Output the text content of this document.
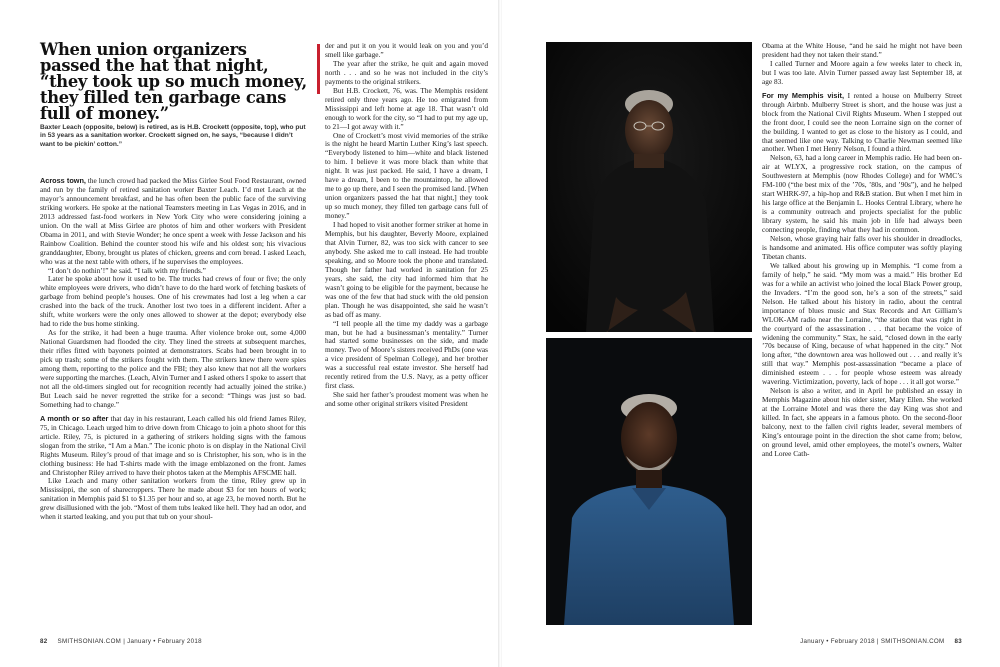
When union organizers passed the hat that night, “they took up so much money, they filled ten garbage cans full of money.”
Baxter Leach (opposite, below) is retired, as is H.B. Crockett (opposite, top), who put in 53 years as a sanitation worker. Crockett signed on, he says, “because I didn’t want to be pickin’ cotton.”

Across town, the lunch crowd had packed the Miss Girlee Soul Food Restaurant, owned and run by the family of retired sanitation worker Baxter Leach. I’d met Leach at the mayor’s announcement breakfast, and he has often been the public face of the surviving striking workers. He spoke at the national Teamsters meeting in Las Vegas in 2016, and in 2013 addressed fast-food workers in New York City who were considering joining a union. On the wall at Miss Girlee are photos of him and other workers with President Obama in 2011, and with Stevie Wonder; he once spent a week with Jesse Jackson and his Rainbow Coalition. Behind the counter stood his wife and his oldest son; his vivacious granddaughter, Ebony, brought us plates of chicken, greens and corn bread. I asked Leach, who was at the next table with others, if he supervises the employees.

“I don’t do nothin’!” he said. “I talk with my friends.”

Later he spoke about how it used to be. The trucks had crews of four or five; the only white employees were drivers, who didn’t have to do the hard work of fetching baskets of garbage from behind people’s houses. One of his crewmates had lost a leg when a car crashed into the back of the truck. Another lost two toes in a different incident. After a shift, white workers were the only ones allowed to shower at the depot; everybody else had to ride the bus home stinking.

As for the strike, it had been a huge trauma. After violence broke out, some 4,000 National Guardsmen had flooded the city. They lined the streets at subsequent marches, their rifles fitted with bayonets pointed at demonstrators. Scabs had been brought in to pick up trash; some of the strikers fought with them. The strikers knew there were spies among them, reporting to the police and the FBI; they also knew that not all the workers were supporting the marches. (Leach, Alvin Turner and I asked others I spoke to assert that not all the old-timers singled out for recognition recently had actually joined the strike.) But Leach said he never regretted the strike for a second: “Things was just so bad. Something had to change.”

A month or so after that day in his restaurant, Leach called his old friend James Riley, 75, in Chicago. Leach urged him to drive down from Chicago to join a photo shoot for this article. Riley, 75, is pictured in a gathering of strikers holding signs with the famous slogan from the strike, “I Am a Man.” The iconic photo is on display in the National Civil Rights Museum. Riley’s proud of that image and so is Christopher, his son, who is in the clothing business: He had T-shirts made with the image emblazoned on the front. James and Christopher Riley arrived to have their photos taken at the Memphis AFSCME hall.

Like Leach and many other sanitation workers from the time, Riley grew up in Mississippi, the son of sharecroppers. There he made about $3 for ten hours of work; sanitation in Memphis paid $1 to $1.35 per hour and so, at age 23, he moved north. But he grew disillusioned with the job. “Most of them tubs leaked like hell. They had an odor, and when it started leaking, and you put that tub on your shoul-

der and put it on you it would leak on you and you’d smell like garbage.”

The year after the strike, he quit and again moved north . . . and so he was not included in the city’s payments to the original strikers.

But H.B. Crockett, 76, was. The Memphis resident retired only three years ago. He too emigrated from Mississippi and left home at age 18. That wasn’t old enough to work for the city, so “I had to put my age up, to 21—I got away with it.”

One of Crockett’s most vivid memories of the strike is the night he heard Martin Luther King’s last speech. “Everybody listened to him—white and black listened to him. I believe it was more black than white that night. It was just packed. He said, I have a dream, I have a dream, I been to the mountaintop, he allowed me to go up there, and I seen the promised land. [When union organizers passed the hat that night,] they took up so much money, they filled ten garbage cans full of money.”

I had hoped to visit another former striker at home in Memphis, but his daughter, Beverly Moore, explained that Alvin Turner, 82, was too sick with cancer to see anybody. She asked me to call instead. He had trouble speaking, and so Moore took the phone and translated. Though her father had worked in sanitation for 25 years, she said, the city had informed him that he wasn’t going to be eligible for the payment, because he was one of the few that had stuck with the old pension plan. Though he was disappointed, she said he wasn’t as bad off as many.

“I tell people all the time my daddy was a garbage man, but he had a businessman’s mentality.” Turner had started some businesses on the side, and made money. Two of Moore’s sisters received PhDs (one was a vice president of Spelman College), and her brother was a successful real estate investor. She herself had recently retired from the U.S. Navy, as a petty officer first class.

She said her father’s proudest moment was when he and some other original strikers visited President

82 SMITHSONIAN.COM | January • February 2018

Obama at the White House, “and he said he might not have been president had they not taken their stand.”

I called Turner and Moore again a few weeks later to check in, but I was too late. Alvin Turner passed away last September 18, at age 83.

For my Memphis visit, I rented a house on Mulberry Street through Airbnb. Mulberry Street is short, and the house was just a block from the National Civil Rights Museum. When I stepped out the front door, I could see the neon Lorraine sign on the corner of the building. I wanted to get as close to the history as I could, and that seemed like one way. Talking to Charlie Newman seemed like another. When I met Henry Nelson, I found a third.

Nelson, 63, had a long career in Memphis radio. He had been on-air at WLYX, a progressive rock station, on the campus of Southwestern at Memphis (now Rhodes College) and for WMC’s FM-100 (“the best mix of the ’70s, ’80s, and ’90s”), and he helped start WHRK-97, a hip-hop and R&B station. But when I met him in his large office at the Benjamin L. Hooks Central Library, where he is a community outreach and projects specialist for the public library system, he said his main job in life had always been connecting people, finding what they had in common.

Nelson, whose graying hair falls over his shoulder in dreadlocks, is handsome and animated. His office computer was softly playing Tibetan chants.

We talked about his growing up in Memphis. “I come from a family of help,” he said. “My mom was a maid.” His brother Ed was for a while an activist who joined the local Black Power group, the Invaders. “I’m the good son, he’s a son of the streets,” said Nelson. He talked about his history in radio, about the central importance of blues music and Stax Records and Art Gilliam’s WLOK-AM radio near the Lorraine, “the station that was right in the courtyard of the assassination . . . that became the voice of widening the community.” Stax, he said, “closed down in the early ’70s because of King, because of what happened in the city.” Not long after, “the downtown area was hollowed out . . . and really it’s still that way.” Memphis post-assassination “became a place of diminished esteem . . . for people whose esteem was already wavering. Victimization, poverty, lack of hope . . . it all got worse.”

Nelson is also a writer, and in April he published an essay in Memphis Magazine about his older sister, Mary Ellen. She worked at the Lorraine Motel and was there the day King was shot and killed. In fact, she appears in a famous photo. On the second-floor balcony, next to the fallen civil rights leader, several members of King’s entourage point in the direction the shot came from; below, on ground level, amid other employees, the motel’s owners, Walter and Loree Cath-

January • February 2018 | SMITHSONIAN.COM 83
